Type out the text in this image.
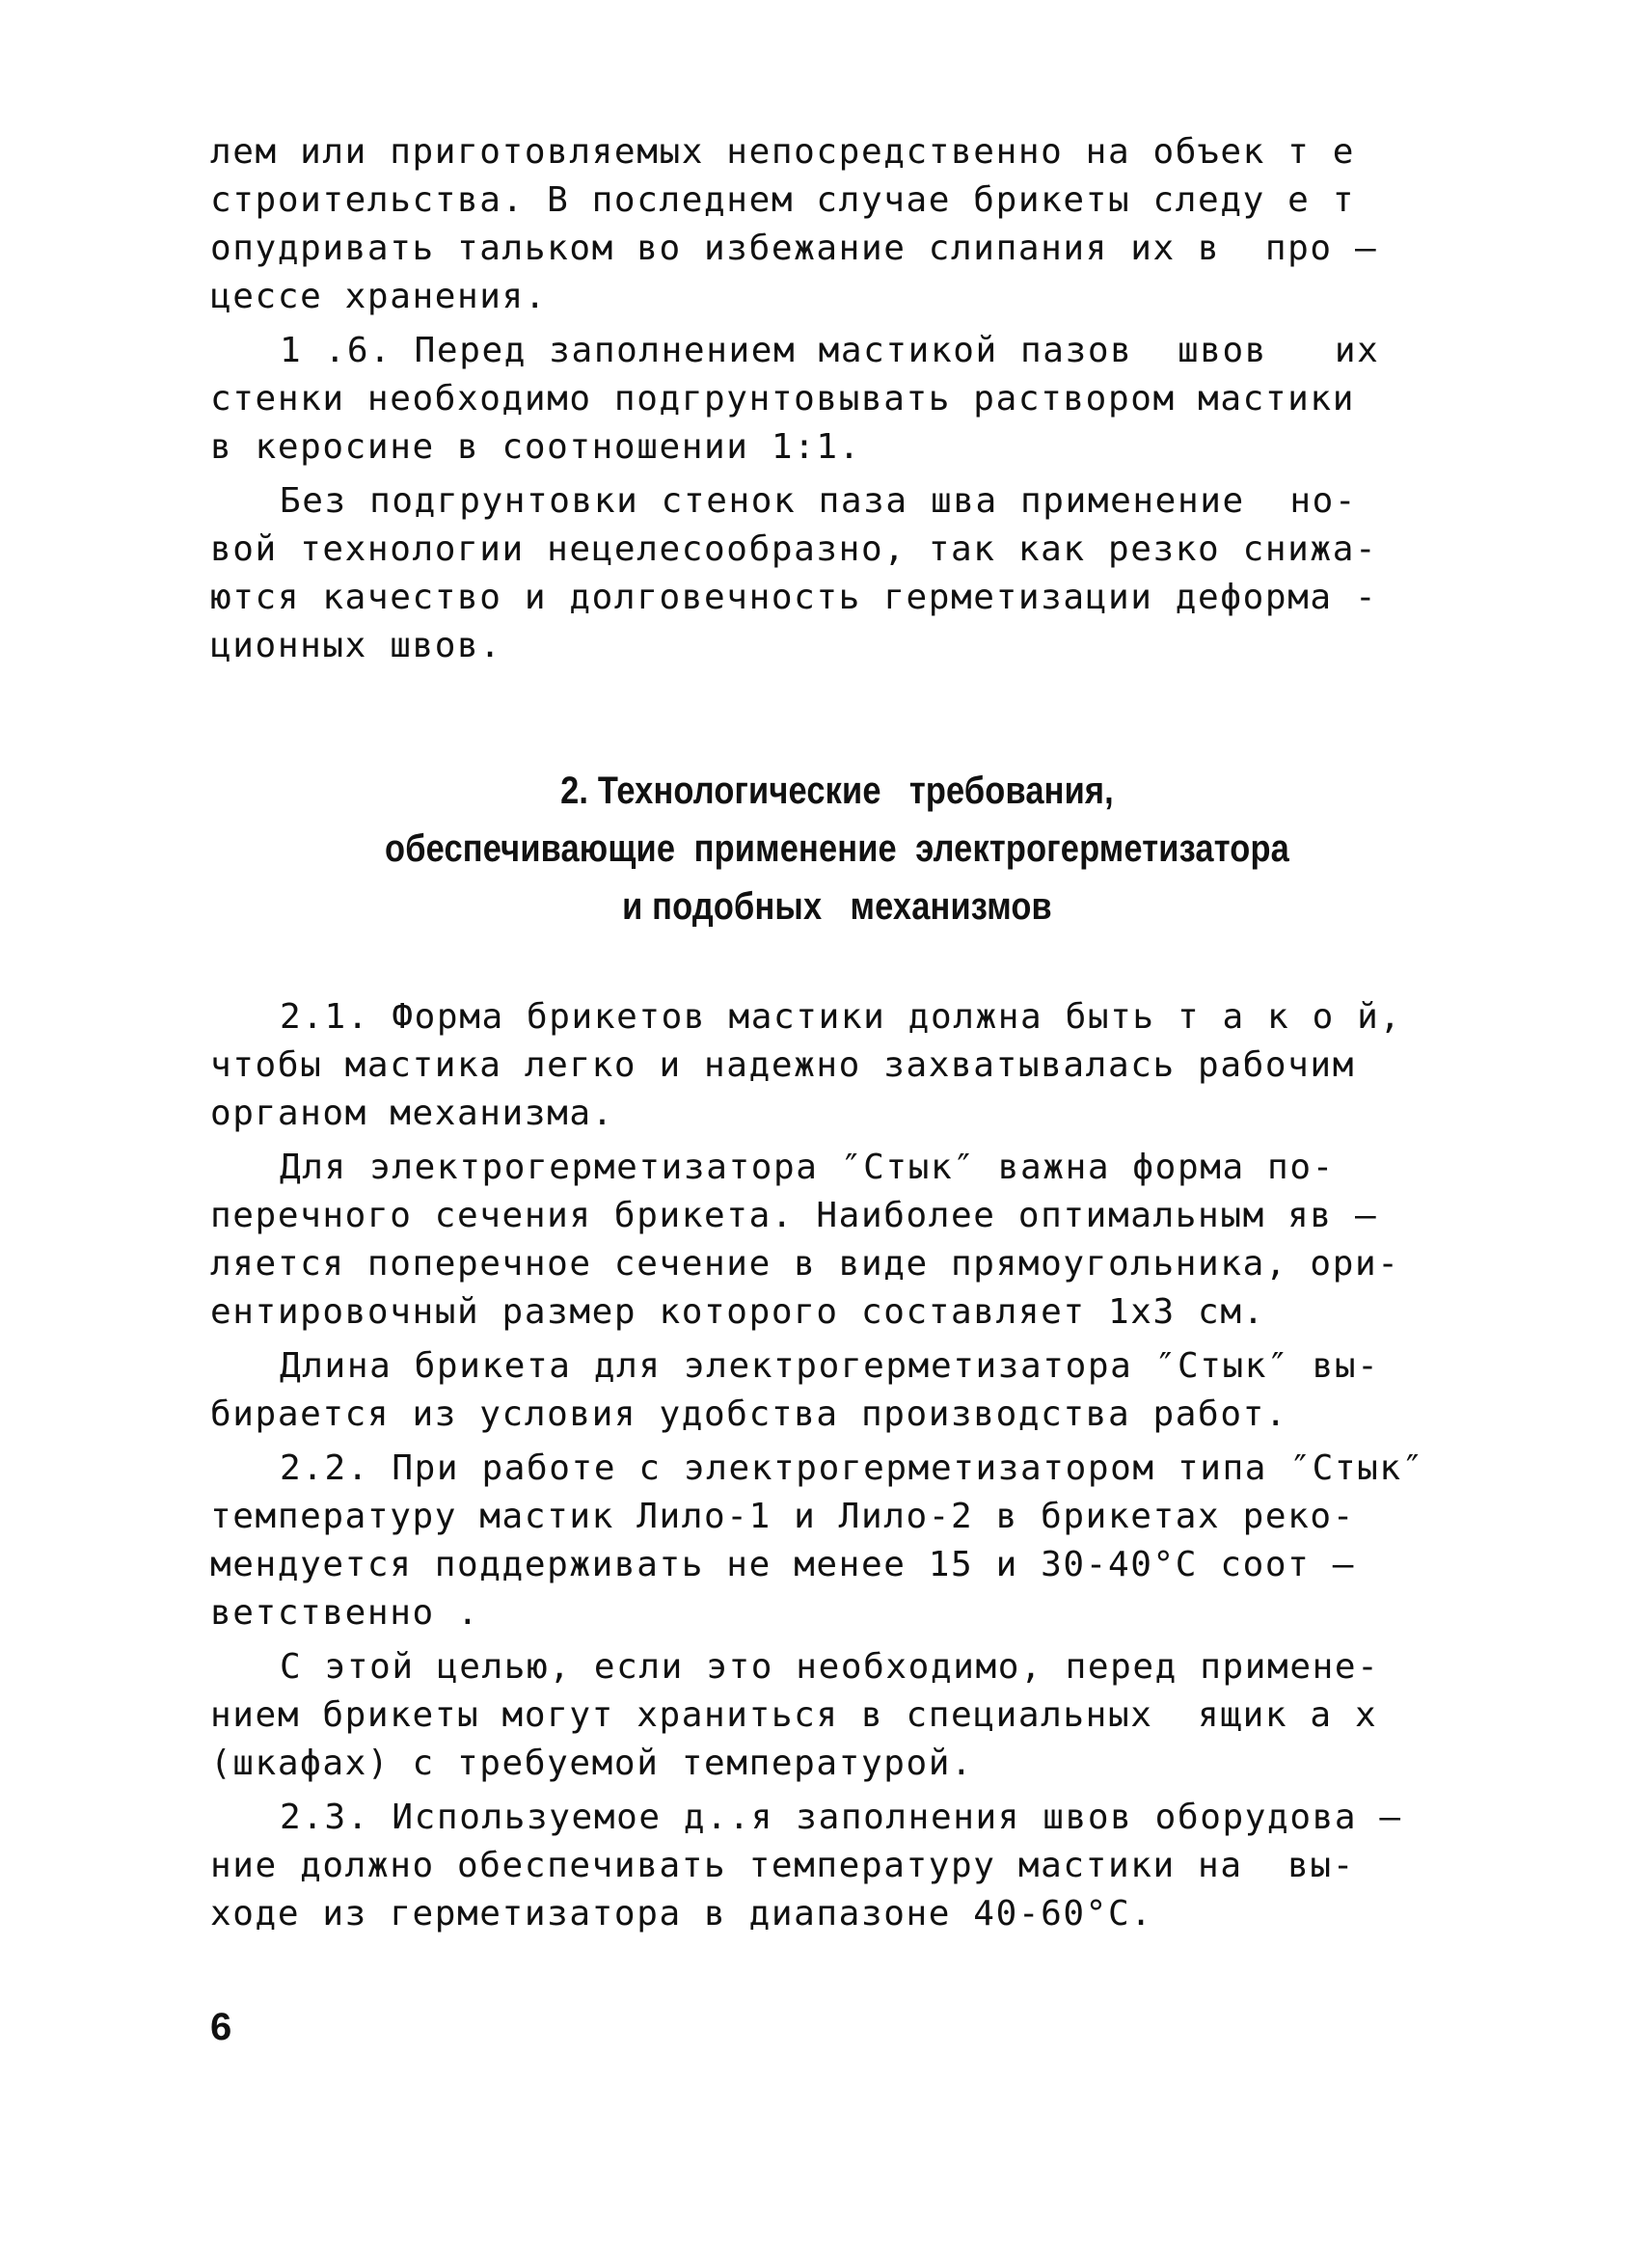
лем или приготовляемых непосредственно на объек т е
строительства. В последнем случае брикеты следу е т
опудривать тальком во избежание слипания их в  про –
цессе хранения.
1 .6. Перед заполнением мастикой пазов  швов   их
стенки необходимо подгрунтовывать раствором мастики
в керосине в соотношении 1:1.
Без подгрунтовки стенок паза шва применение  но-
вой технологии нецелесообразно, так как резко снижа-
ются качество и долговечность герметизации деформа -
ционных швов.
2. Технологические   требования,
обеспечивающие  применение  электрогерметизатора
и подобных   механизмов
2.1. Форма брикетов мастики должна быть т а к о й,
чтобы мастика легко и надежно захватывалась рабочим
органом механизма.
Для электрогерметизатора ″Стык″ важна форма по-
перечного сечения брикета. Наиболее оптимальным яв –
ляется поперечное сечение в виде прямоугольника, ори-
ентировочный размер которого составляет 1х3 см.
Длина брикета для электрогерметизатора ″Стык″ вы-
бирается из условия удобства производства работ.
2.2. При работе с электрогерметизатором типа ″Стык″
температуру мастик Лило-1 и Лило-2 в брикетах реко-
мендуется поддерживать не менее 15 и 30-40°С соот –
ветственно .
С этой целью, если это необходимо, перед примене-
нием брикеты могут храниться в специальных  ящик а х
(шкафах) с требуемой температурой.
2.3. Используемое д..я заполнения швов оборудова –
ние должно обеспечивать температуру мастики на  вы-
ходе из герметизатора в диапазоне 40-60°С.
6
